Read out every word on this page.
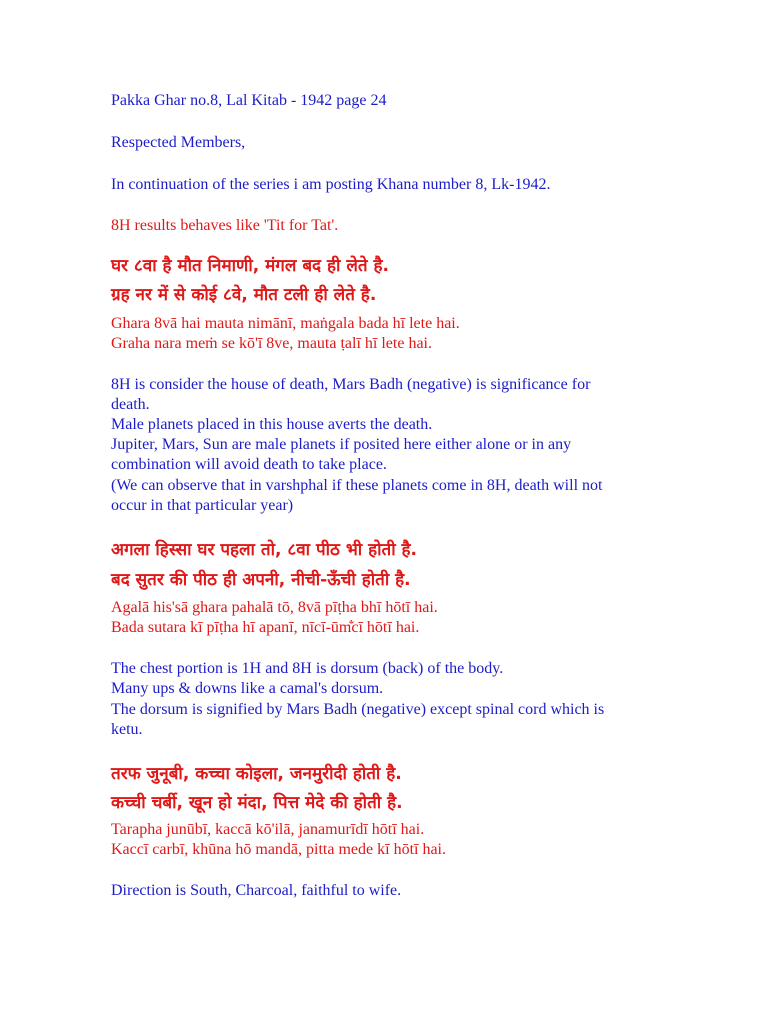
Pakka Ghar no.8, Lal Kitab - 1942 page 24

Respected Members,

In continuation of the series i am posting Khana number 8, Lk-1942.

8H results behaves like 'Tit for Tat'.

घर ८वा है मौत निमाणी, मंगल बद ही लेते है.

ग्रह नर में से कोई ८वे, मौत टली ही लेते है.

Ghara 8vā hai mauta nimānī, maṅgala bada hī lete hai.

Graha nara meṁ se kō'ī 8ve, mauta ṭalī hī lete hai.

8H is consider the house of death, Mars Badh (negative) is significance for

death.

Male planets placed in this house averts the death.

Jupiter, Mars, Sun are male planets if posited here either alone or in any

combination will avoid death to take place.

(We can observe that in varshphal if these planets come in 8H, death will not

occur in that particular year)

अगला हिस्सा घर पहला तो, ८वा पीठ भी होती है.

बद सुतर की पीठ ही अपनी, नीची-ऊँची होती है.

Agalā his'sā ghara pahalā tō, 8vā pīṭha bhī hōtī hai.

Bada sutara kī pīṭha hī apanī, nīcī-ūm̐cī hōtī hai.

The chest portion is 1H and 8H is dorsum (back) of the body.

Many ups & downs like a camal's dorsum.

The dorsum is signified by Mars Badh (negative) except spinal cord which is

ketu.

तरफ जुनूबी, कच्चा कोइला, जनमुरीदी होती है.

कच्ची चर्बी, खून हो मंदा, पित्त मेदे की होती है.

Tarapha junūbī, kaccā kō'ilā, janamurīdī hōtī hai.

Kaccī carbī, khūna hō mandā, pitta mede kī hōtī hai.

Direction is South, Charcoal, faithful to wife.
